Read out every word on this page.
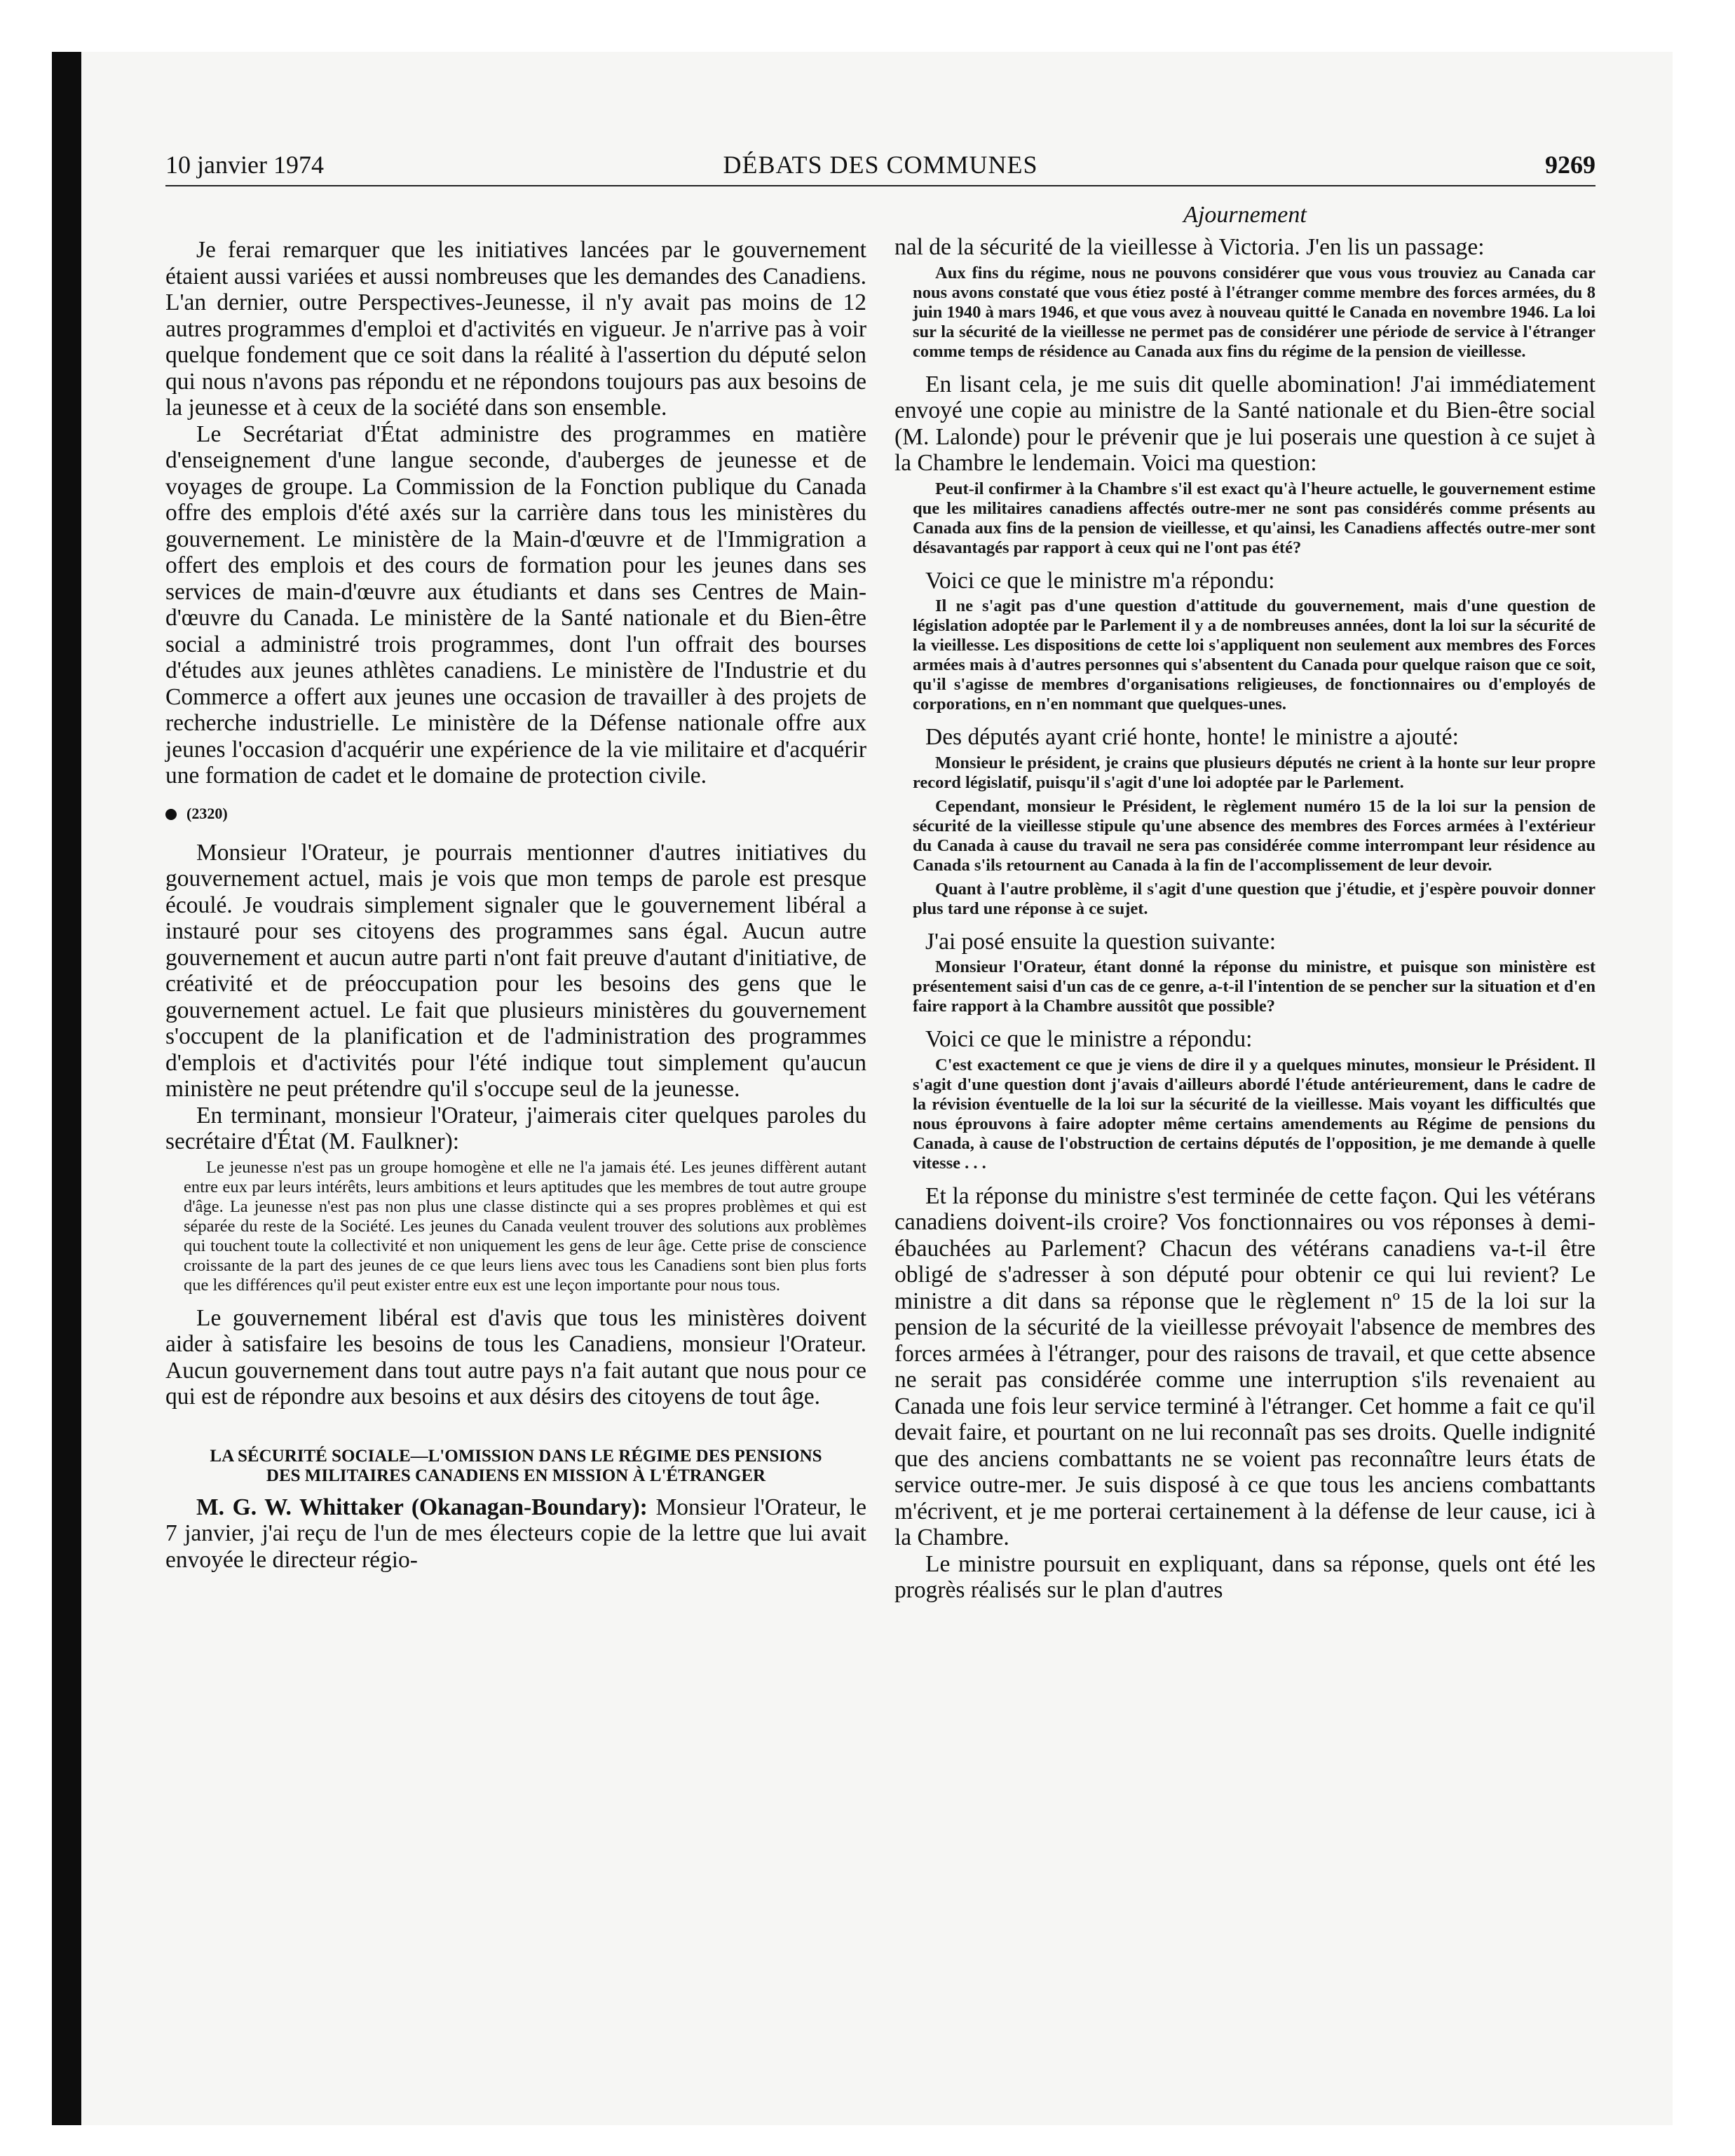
10 janvier 1974	DÉBATS DES COMMUNES	9269

Je ferai remarquer que les initiatives lancées par le gouvernement étaient aussi variées et aussi nombreuses que les demandes des Canadiens. L'an dernier, outre Perspectives-Jeunesse, il n'y avait pas moins de 12 autres programmes d'emploi et d'activités en vigueur. Je n'arrive pas à voir quelque fondement que ce soit dans la réalité à l'assertion du député selon qui nous n'avons pas répondu et ne répondons toujours pas aux besoins de la jeunesse et à ceux de la société dans son ensemble.

Le Secrétariat d'État administre des programmes en matière d'enseignement d'une langue seconde, d'auberges de jeunesse et de voyages de groupe. La Commission de la Fonction publique du Canada offre des emplois d'été axés sur la carrière dans tous les ministères du gouvernement. Le ministère de la Main-d'œuvre et de l'Immigration a offert des emplois et des cours de formation pour les jeunes dans ses services de main-d'œuvre aux étudiants et dans ses Centres de Main-d'œuvre du Canada. Le ministère de la Santé nationale et du Bien-être social a administré trois programmes, dont l'un offrait des bourses d'études aux jeunes athlètes canadiens. Le ministère de l'Industrie et du Commerce a offert aux jeunes une occasion de travailler à des projets de recherche industrielle. Le ministère de la Défense nationale offre aux jeunes l'occasion d'acquérir une expérience de la vie militaire et d'acquérir une formation de cadet et le domaine de protection civile.

(2320)

Monsieur l'Orateur, je pourrais mentionner d'autres initiatives du gouvernement actuel, mais je vois que mon temps de parole est presque écoulé. Je voudrais simplement signaler que le gouvernement libéral a instauré pour ses citoyens des programmes sans égal. Aucun autre gouvernement et aucun autre parti n'ont fait preuve d'autant d'initiative, de créativité et de préoccupation pour les besoins des gens que le gouvernement actuel. Le fait que plusieurs ministères du gouvernement s'occupent de la planification et de l'administration des programmes d'emplois et d'activités pour l'été indique tout simplement qu'aucun ministère ne peut prétendre qu'il s'occupe seul de la jeunesse.

En terminant, monsieur l'Orateur, j'aimerais citer quelques paroles du secrétaire d'État (M. Faulkner):

Le jeunesse n'est pas un groupe homogène et elle ne l'a jamais été. Les jeunes diffèrent autant entre eux par leurs intérêts, leurs ambitions et leurs aptitudes que les membres de tout autre groupe d'âge. La jeunesse n'est pas non plus une classe distincte qui a ses propres problèmes et qui est séparée du reste de la Société. Les jeunes du Canada veulent trouver des solutions aux problèmes qui touchent toute la collectivité et non uniquement les gens de leur âge. Cette prise de conscience croissante de la part des jeunes de ce que leurs liens avec tous les Canadiens sont bien plus forts que les différences qu'il peut exister entre eux est une leçon importante pour nous tous.

Le gouvernement libéral est d'avis que tous les ministères doivent aider à satisfaire les besoins de tous les Canadiens, monsieur l'Orateur. Aucun gouvernement dans tout autre pays n'a fait autant que nous pour ce qui est de répondre aux besoins et aux désirs des citoyens de tout âge.

LA SÉCURITÉ SOCIALE—L'OMISSION DANS LE RÉGIME DES PENSIONS DES MILITAIRES CANADIENS EN MISSION À L'ÉTRANGER

M. G. W. Whittaker (Okanagan-Boundary): Monsieur l'Orateur, le 7 janvier, j'ai reçu de l'un de mes électeurs copie de la lettre que lui avait envoyée le directeur régio-

Ajournement

nal de la sécurité de la vieillesse à Victoria. J'en lis un passage:

Aux fins du régime, nous ne pouvons considérer que vous vous trouviez au Canada car nous avons constaté que vous étiez posté à l'étranger comme membre des forces armées, du 8 juin 1940 à mars 1946, et que vous avez à nouveau quitté le Canada en novembre 1946. La loi sur la sécurité de la vieillesse ne permet pas de considérer une période de service à l'étranger comme temps de résidence au Canada aux fins du régime de la pension de vieillesse.

En lisant cela, je me suis dit quelle abomination! J'ai immédiatement envoyé une copie au ministre de la Santé nationale et du Bien-être social (M. Lalonde) pour le prévenir que je lui poserais une question à ce sujet à la Chambre le lendemain. Voici ma question:

Peut-il confirmer à la Chambre s'il est exact qu'à l'heure actuelle, le gouvernement estime que les militaires canadiens affectés outre-mer ne sont pas considérés comme présents au Canada aux fins de la pension de vieillesse, et qu'ainsi, les Canadiens affectés outre-mer sont désavantagés par rapport à ceux qui ne l'ont pas été?

Voici ce que le ministre m'a répondu:

Il ne s'agit pas d'une question d'attitude du gouvernement, mais d'une question de législation adoptée par le Parlement il y a de nombreuses années, dont la loi sur la sécurité de la vieillesse. Les dispositions de cette loi s'appliquent non seulement aux membres des Forces armées mais à d'autres personnes qui s'absentent du Canada pour quelque raison que ce soit, qu'il s'agisse de membres d'organisations religieuses, de fonctionnaires ou d'employés de corporations, en n'en nommant que quelques-unes.

Des députés ayant crié honte, honte! le ministre a ajouté:

Monsieur le président, je crains que plusieurs députés ne crient à la honte sur leur propre record législatif, puisqu'il s'agit d'une loi adoptée par le Parlement.

Cependant, monsieur le Président, le règlement numéro 15 de la loi sur la pension de sécurité de la vieillesse stipule qu'une absence des membres des Forces armées à l'extérieur du Canada à cause du travail ne sera pas considérée comme interrompant leur résidence au Canada s'ils retournent au Canada à la fin de l'accomplissement de leur devoir.

Quant à l'autre problème, il s'agit d'une question que j'étudie, et j'espère pouvoir donner plus tard une réponse à ce sujet.

J'ai posé ensuite la question suivante:

Monsieur l'Orateur, étant donné la réponse du ministre, et puisque son ministère est présentement saisi d'un cas de ce genre, a-t-il l'intention de se pencher sur la situation et d'en faire rapport à la Chambre aussitôt que possible?

Voici ce que le ministre a répondu:

C'est exactement ce que je viens de dire il y a quelques minutes, monsieur le Président. Il s'agit d'une question dont j'avais d'ailleurs abordé l'étude antérieurement, dans le cadre de la révision éventuelle de la loi sur la sécurité de la vieillesse. Mais voyant les difficultés que nous éprouvons à faire adopter même certains amendements au Régime de pensions du Canada, à cause de l'obstruction de certains députés de l'opposition, je me demande à quelle vitesse . . .

Et la réponse du ministre s'est terminée de cette façon. Qui les vétérans canadiens doivent-ils croire? Vos fonctionnaires ou vos réponses à demi-ébauchées au Parlement? Chacun des vétérans canadiens va-t-il être obligé de s'adresser à son député pour obtenir ce qui lui revient? Le ministre a dit dans sa réponse que le règlement nº 15 de la loi sur la pension de la sécurité de la vieillesse prévoyait l'absence de membres des forces armées à l'étranger, pour des raisons de travail, et que cette absence ne serait pas considérée comme une interruption s'ils revenaient au Canada une fois leur service terminé à l'étranger. Cet homme a fait ce qu'il devait faire, et pourtant on ne lui reconnaît pas ses droits. Quelle indignité que des anciens combattants ne se voient pas reconnaître leurs états de service outre-mer. Je suis disposé à ce que tous les anciens combattants m'écrivent, et je me porterai certainement à la défense de leur cause, ici à la Chambre.

Le ministre poursuit en expliquant, dans sa réponse, quels ont été les progrès réalisés sur le plan d'autres
